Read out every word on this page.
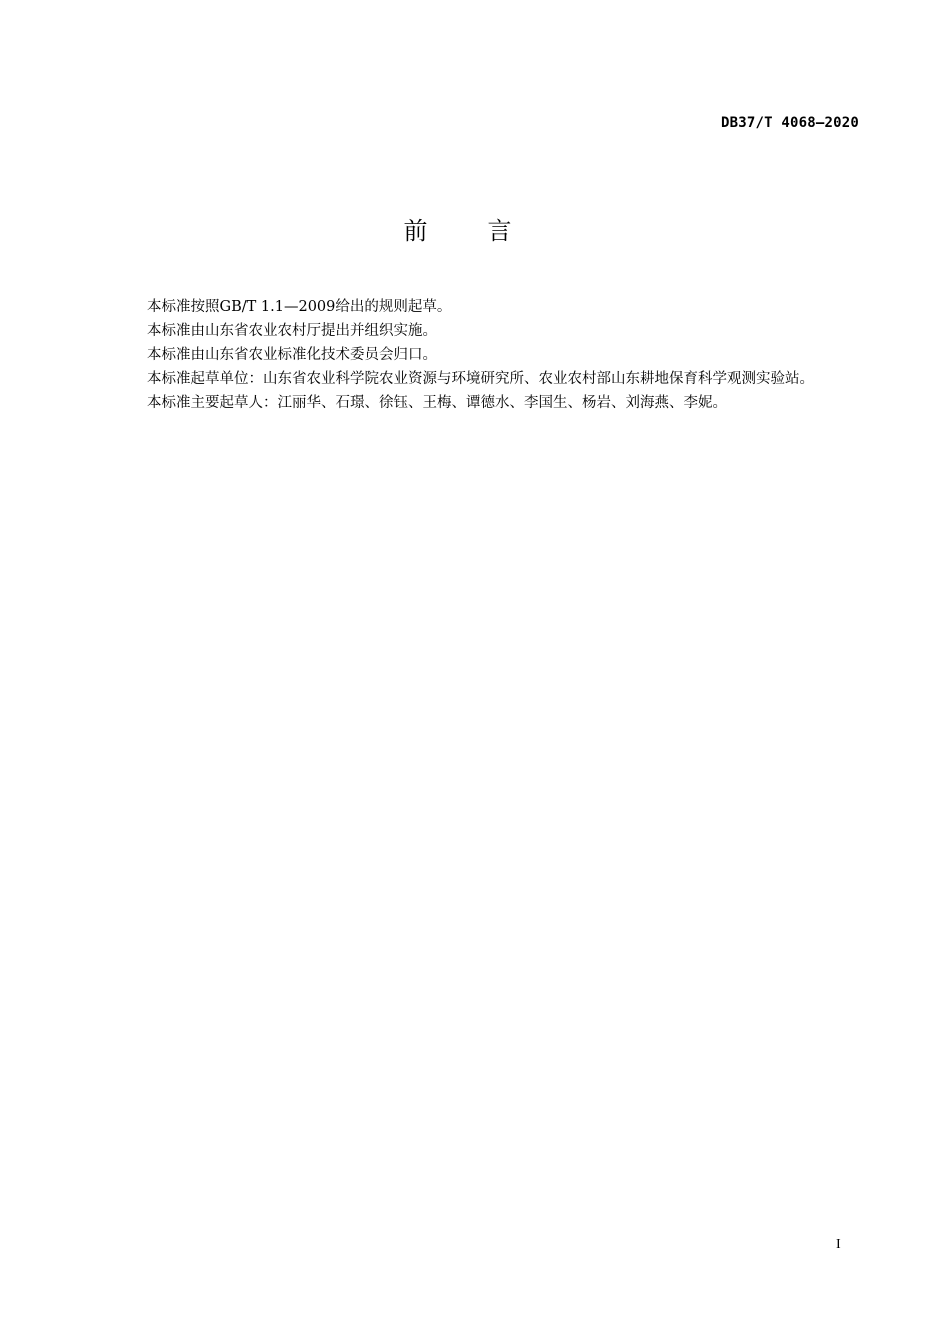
DB37/T 4068—2020
前言

本标准按照GB/T 1.1—2009给出的规则起草。

本标准由山东省农业农村厅提出并组织实施。

本标准由山东省农业标准化技术委员会归口。

本标准起草单位：山东省农业科学院农业资源与环境研究所、农业农村部山东耕地保育科学观测实验站。

本标准主要起草人：江丽华、石璟、徐钰、王梅、谭德水、李国生、杨岩、刘海燕、李妮。

I
